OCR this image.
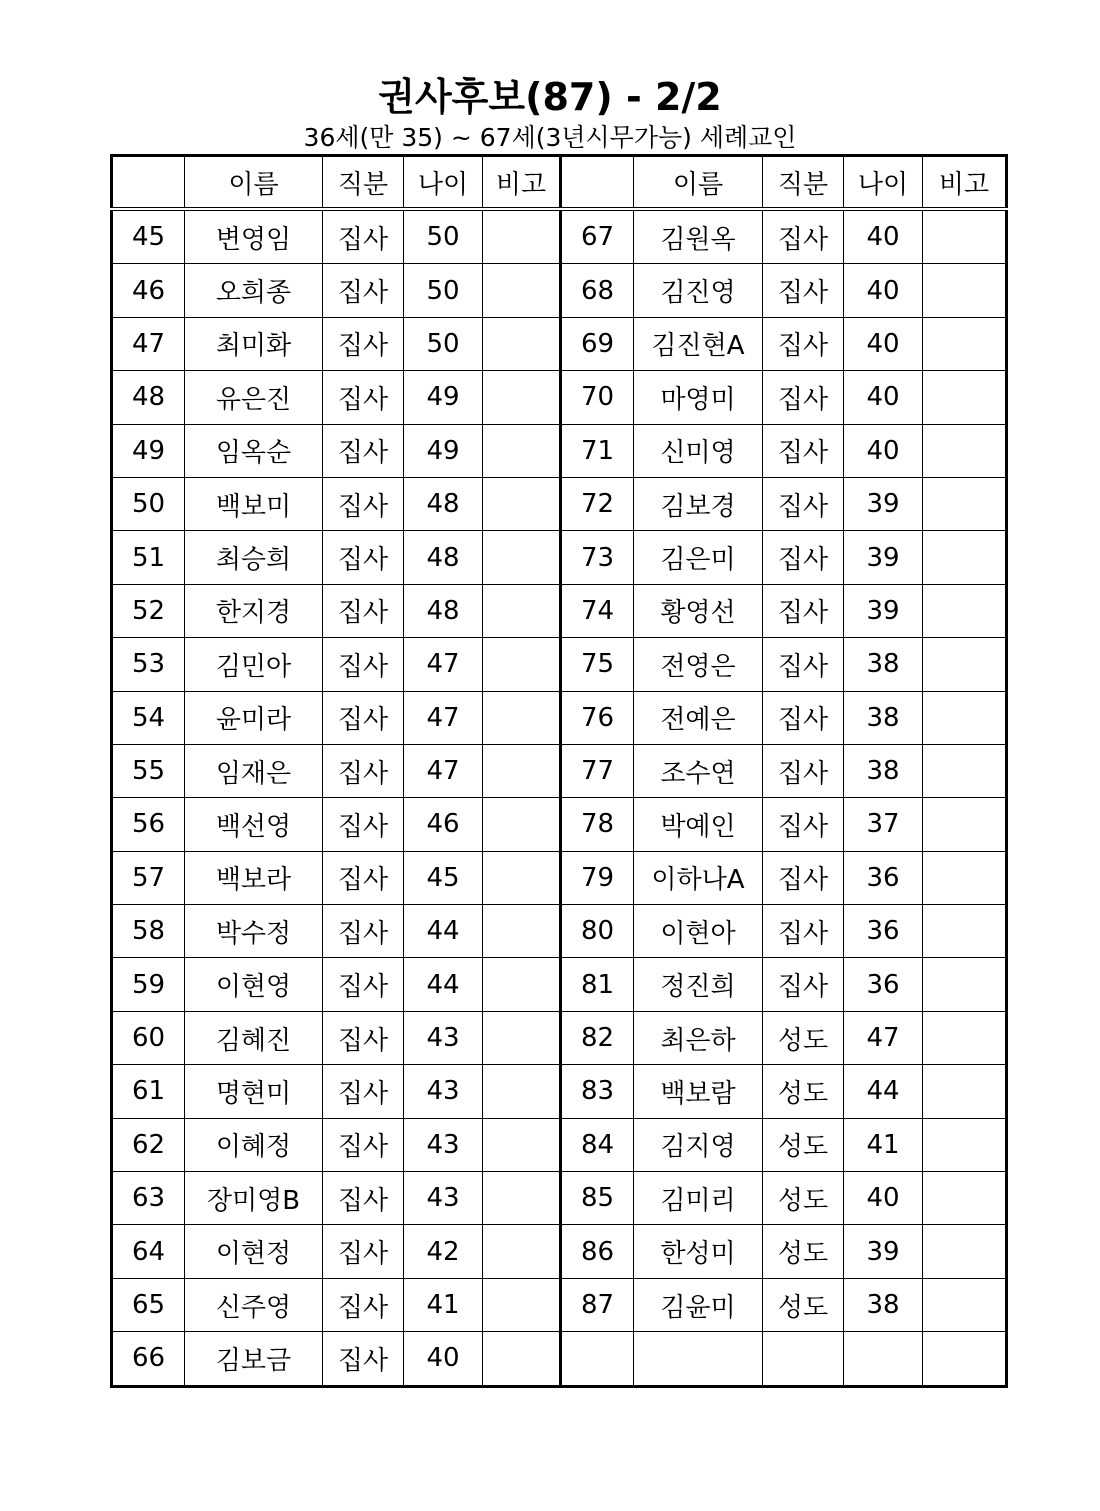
권사후보(87) - 2/2
36세(만 35) ~ 67세(3년시무가능) 세례교인
	이름	직분	나이	비고		이름	직분	나이	비고
45	변영임	집사	50		67	김원옥	집사	40	
46	오희종	집사	50		68	김진영	집사	40	
47	최미화	집사	50		69	김진현A	집사	40	
48	유은진	집사	49		70	마영미	집사	40	
49	임옥순	집사	49		71	신미영	집사	40	
50	백보미	집사	48		72	김보경	집사	39	
51	최승희	집사	48		73	김은미	집사	39	
52	한지경	집사	48		74	황영선	집사	39	
53	김민아	집사	47		75	전영은	집사	38	
54	윤미라	집사	47		76	전예은	집사	38	
55	임재은	집사	47		77	조수연	집사	38	
56	백선영	집사	46		78	박예인	집사	37	
57	백보라	집사	45		79	이하나A	집사	36	
58	박수정	집사	44		80	이현아	집사	36	
59	이현영	집사	44		81	정진희	집사	36	
60	김혜진	집사	43		82	최은하	성도	47	
61	명현미	집사	43		83	백보람	성도	44	
62	이혜정	집사	43		84	김지영	성도	41	
63	장미영B	집사	43		85	김미리	성도	40	
64	이현정	집사	42		86	한성미	성도	39	
65	신주영	집사	41		87	김윤미	성도	38	
66	김보금	집사	40						
